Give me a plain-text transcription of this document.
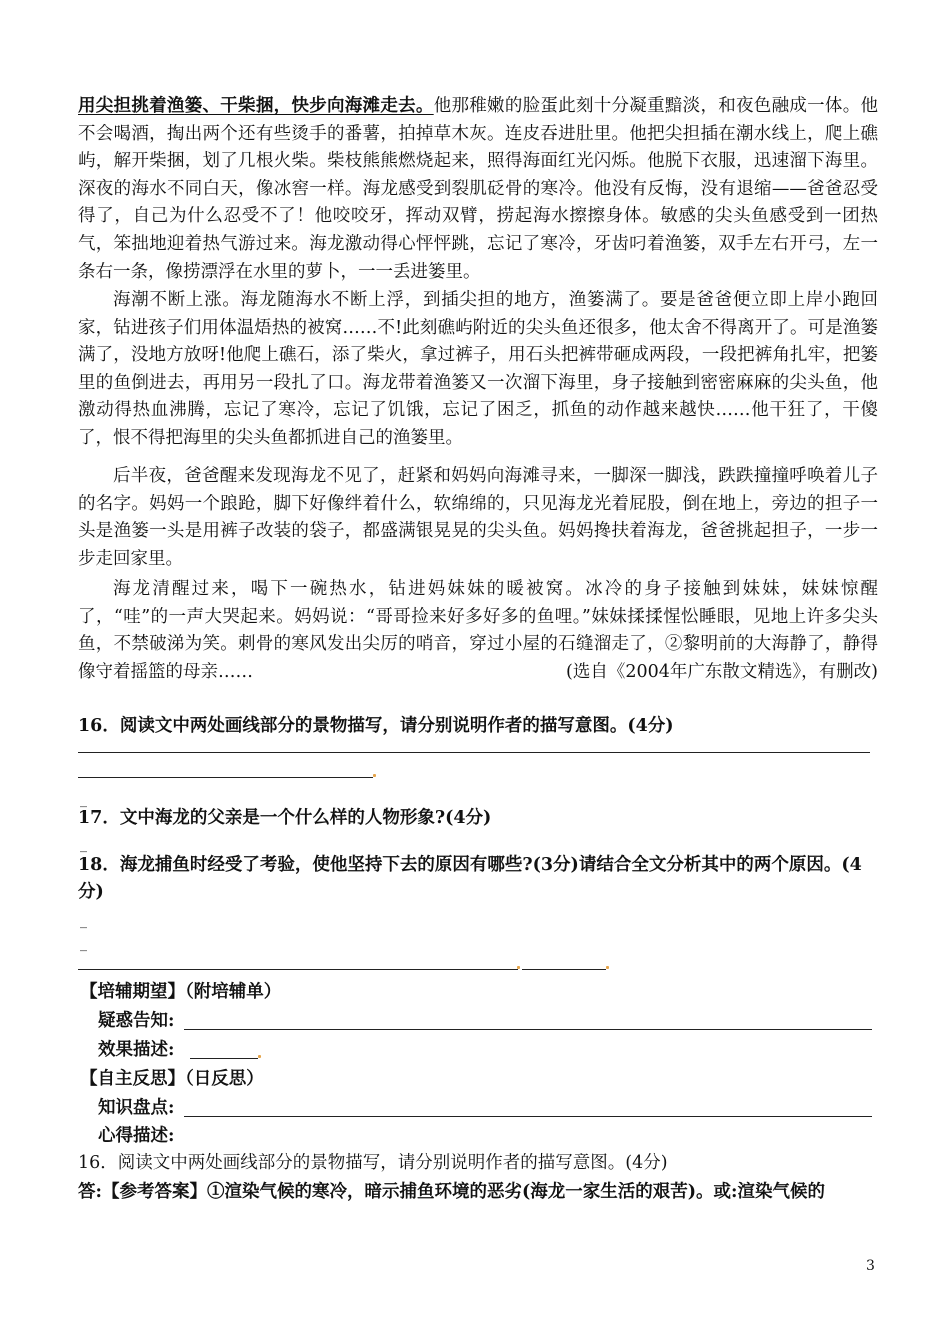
用尖担挑着渔篓、干柴捆，快步向海滩走去。他那稚嫩的脸蛋此刻十分凝重黯淡，和夜色融成一体。他不会喝酒，掏出两个还有些烫手的番薯，拍掉草木灰。连皮吞进肚里。他把尖担插在潮水线上，爬上礁屿，解开柴捆，划了几根火柴。柴枝熊熊燃烧起来，照得海面红光闪烁。他脱下衣服，迅速溜下海里。深夜的海水不同白天，像冰窖一样。海龙感受到裂肌砭骨的寒冷。他没有反悔，没有退缩——爸爸忍受得了，自己为什么忍受不了！他咬咬牙，挥动双臂，捞起海水擦擦身体。敏感的尖头鱼感受到一团热气，笨拙地迎着热气游过来。海龙激动得心怦怦跳，忘记了寒冷，牙齿叼着渔篓，双手左右开弓，左一条右一条，像捞漂浮在水里的萝卜，一一丢进篓里。

海潮不断上涨。海龙随海水不断上浮，到插尖担的地方，渔篓满了。要是爸爸便立即上岸小跑回家，钻进孩子们用体温焐热的被窝……不!此刻礁屿附近的尖头鱼还很多，他太舍不得离开了。可是渔篓满了，没地方放呀!他爬上礁石，添了柴火，拿过裤子，用石头把裤带砸成两段，一段把裤角扎牢，把篓里的鱼倒进去，再用另一段扎了口。海龙带着渔篓又一次溜下海里，身子接触到密密麻麻的尖头鱼，他激动得热血沸腾，忘记了寒冷，忘记了饥饿，忘记了困乏，抓鱼的动作越来越快……他干狂了，干傻了，恨不得把海里的尖头鱼都抓进自己的渔篓里。

后半夜，爸爸醒来发现海龙不见了，赶紧和妈妈向海滩寻来，一脚深一脚浅，跌跌撞撞呼唤着儿子的名字。妈妈一个踉跄，脚下好像绊着什么，软绵绵的，只见海龙光着屁股，倒在地上，旁边的担子一头是渔篓一头是用裤子改装的袋子，都盛满银晃晃的尖头鱼。妈妈搀扶着海龙，爸爸挑起担子，一步一步走回家里。

海龙清醒过来，喝下一碗热水，钻进妈妹妹的暖被窝。冰冷的身子接触到妹妹，妹妹惊醒了，“哇”的一声大哭起来。妈妈说：“哥哥捡来好多好多的鱼哩。”妹妹揉揉惺忪睡眼，见地上许多尖头鱼，不禁破涕为笑。刺骨的寒风发出尖厉的哨音，穿过小屋的石缝溜走了，②黎明前的大海静了，静得像守着摇篮的母亲……	(选自《2004年广东散文精选》，有删改)

16．阅读文中两处画线部分的景物描写，请分别说明作者的描写意图。(4分)

_

17．文中海龙的父亲是一个什么样的人物形象?(4分)

_

18．海龙捕鱼时经受了考验，使他坚持下去的原因有哪些?(3分)请结合全文分析其中的两个原因。(4分)

_
_
【培辅期望】（附培辅单）
疑惑告知:
效果描述:
【自主反思】（日反思）
知识盘点:
心得描述:
16．阅读文中两处画线部分的景物描写，请分别说明作者的描写意图。(4分)
答:【参考答案】①渲染气候的寒冷，暗示捕鱼环境的恶劣(海龙一家生活的艰苦)。或:渲染气候的
3
